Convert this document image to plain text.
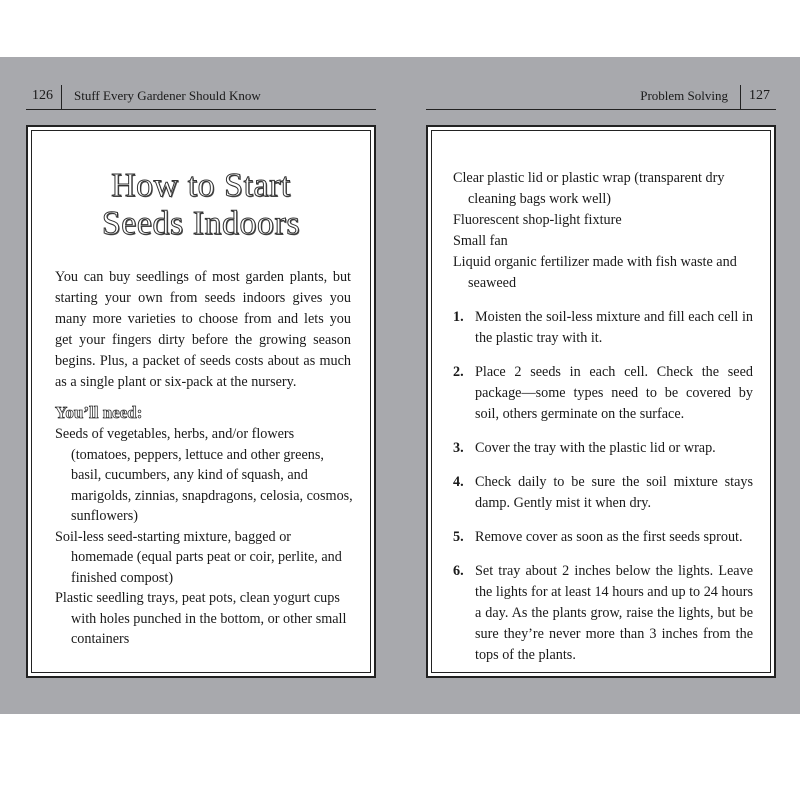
126	Stuff Every Gardener Should Know	Problem Solving	127
How to Start
Seeds Indoors
You can buy seedlings of most garden plants, but starting your own from seeds indoors gives you many more varieties to choose from and lets you get your fingers dirty before the growing season begins. Plus, a packet of seeds costs about as much as a single plant or six-pack at the nursery.
You’ll need:

Seeds of vegetables, herbs, and/or flowers (tomatoes, peppers, lettuce and other greens, basil, cucumbers, any kind of squash, and marigolds, zinnias, snapdragons, celosia, cosmos, sunflowers)

Soil-less seed-starting mixture, bagged or homemade (equal parts peat or coir, perlite, and finished compost)

Plastic seedling trays, peat pots, clean yogurt cups with holes punched in the bottom, or other small containers

Clear plastic lid or plastic wrap (transparent dry cleaning bags work well)

Fluorescent shop-light fixture

Small fan

Liquid organic fertilizer made with fish waste and seaweed

1. Moisten the soil-less mixture and fill each cell in the plastic tray with it.
2. Place 2 seeds in each cell. Check the seed package—some types need to be covered by soil, others germinate on the surface.
3. Cover the tray with the plastic lid or wrap.
4. Check daily to be sure the soil mixture stays damp. Gently mist it when dry.
5. Remove cover as soon as the first seeds sprout.
6. Set tray about 2 inches below the lights. Leave the lights for at least 14 hours and up to 24 hours a day. As the plants grow, raise the lights, but be sure they’re never more than 3 inches from the tops of the plants.
